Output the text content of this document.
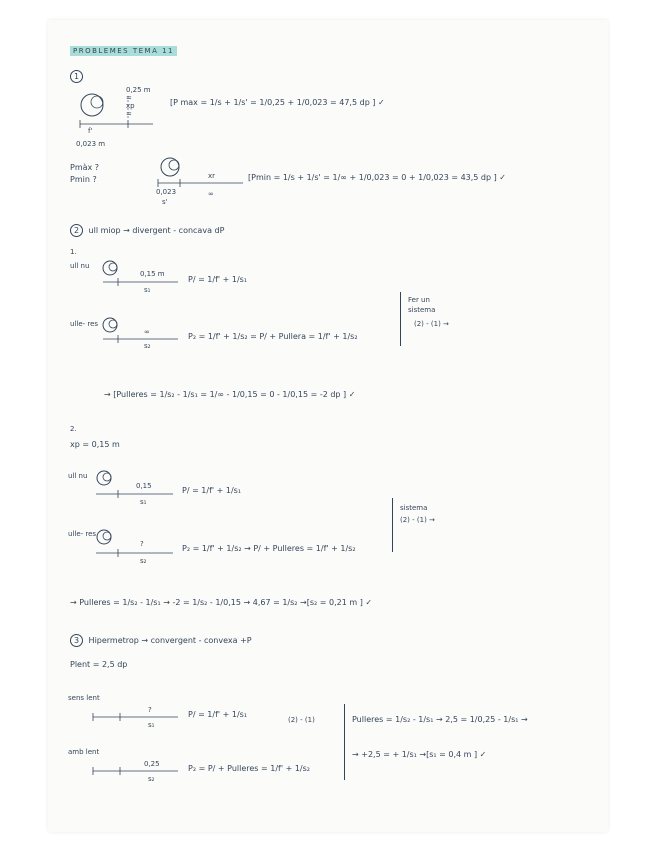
PROBLEMES TEMA 11
1
0,25 m
=
xp
=
f'
0,023 m
[P max = 1/s + 1/s' = 1/0,25 + 1/0,023 = 47,5 dp ] ✓
Pmàx ?
Pmin ?	xr
0,023
s'
∞
[Pmin = 1/s + 1/s' = 1/∞ + 1/0,023 = 0 + 1/0,023 = 43,5 dp ] ✓
2 ull miop → divergent - concava dP
1.
ull nu
0,15 m
s₁
P/ = 1/f' + 1/s₁
ulle- res
∞
s₂
P₂ = 1/f' + 1/s₂ = P/ + Pullera = 1/f' + 1/s₂
Fer un
sistema
(2) - (1) →
→ [Pulleres = 1/s₂ - 1/s₁ = 1/∞ - 1/0,15 = 0 - 1/0,15 = -2 dp ] ✓
2.
xp = 0,15 m
ull nu
0,15
s₁
P/ = 1/f' + 1/s₁
ulle- res
?
s₂
P₂ = 1/f' + 1/s₂ → P/ + Pulleres = 1/f' + 1/s₂
sistema
(2) - (1) →
→ Pulleres = 1/s₂ - 1/s₁ → -2 = 1/s₂ - 1/0,15 → 4,67 = 1/s₂ →[s₂ = 0,21 m ] ✓
3 Hipermetrop → convergent - convexa +P
Plent = 2,5 dp
sens lent
?
s₁
P/ = 1/f' + 1/s₁
(2) - (1)
amb lent
0,25
s₂
P₂ = P/ + Pulleres = 1/f' + 1/s₂
Pulleres = 1/s₂ - 1/s₁ → 2,5 = 1/0,25 - 1/s₁ →
→ +2,5 = + 1/s₁ →[s₁ = 0,4 m ] ✓
